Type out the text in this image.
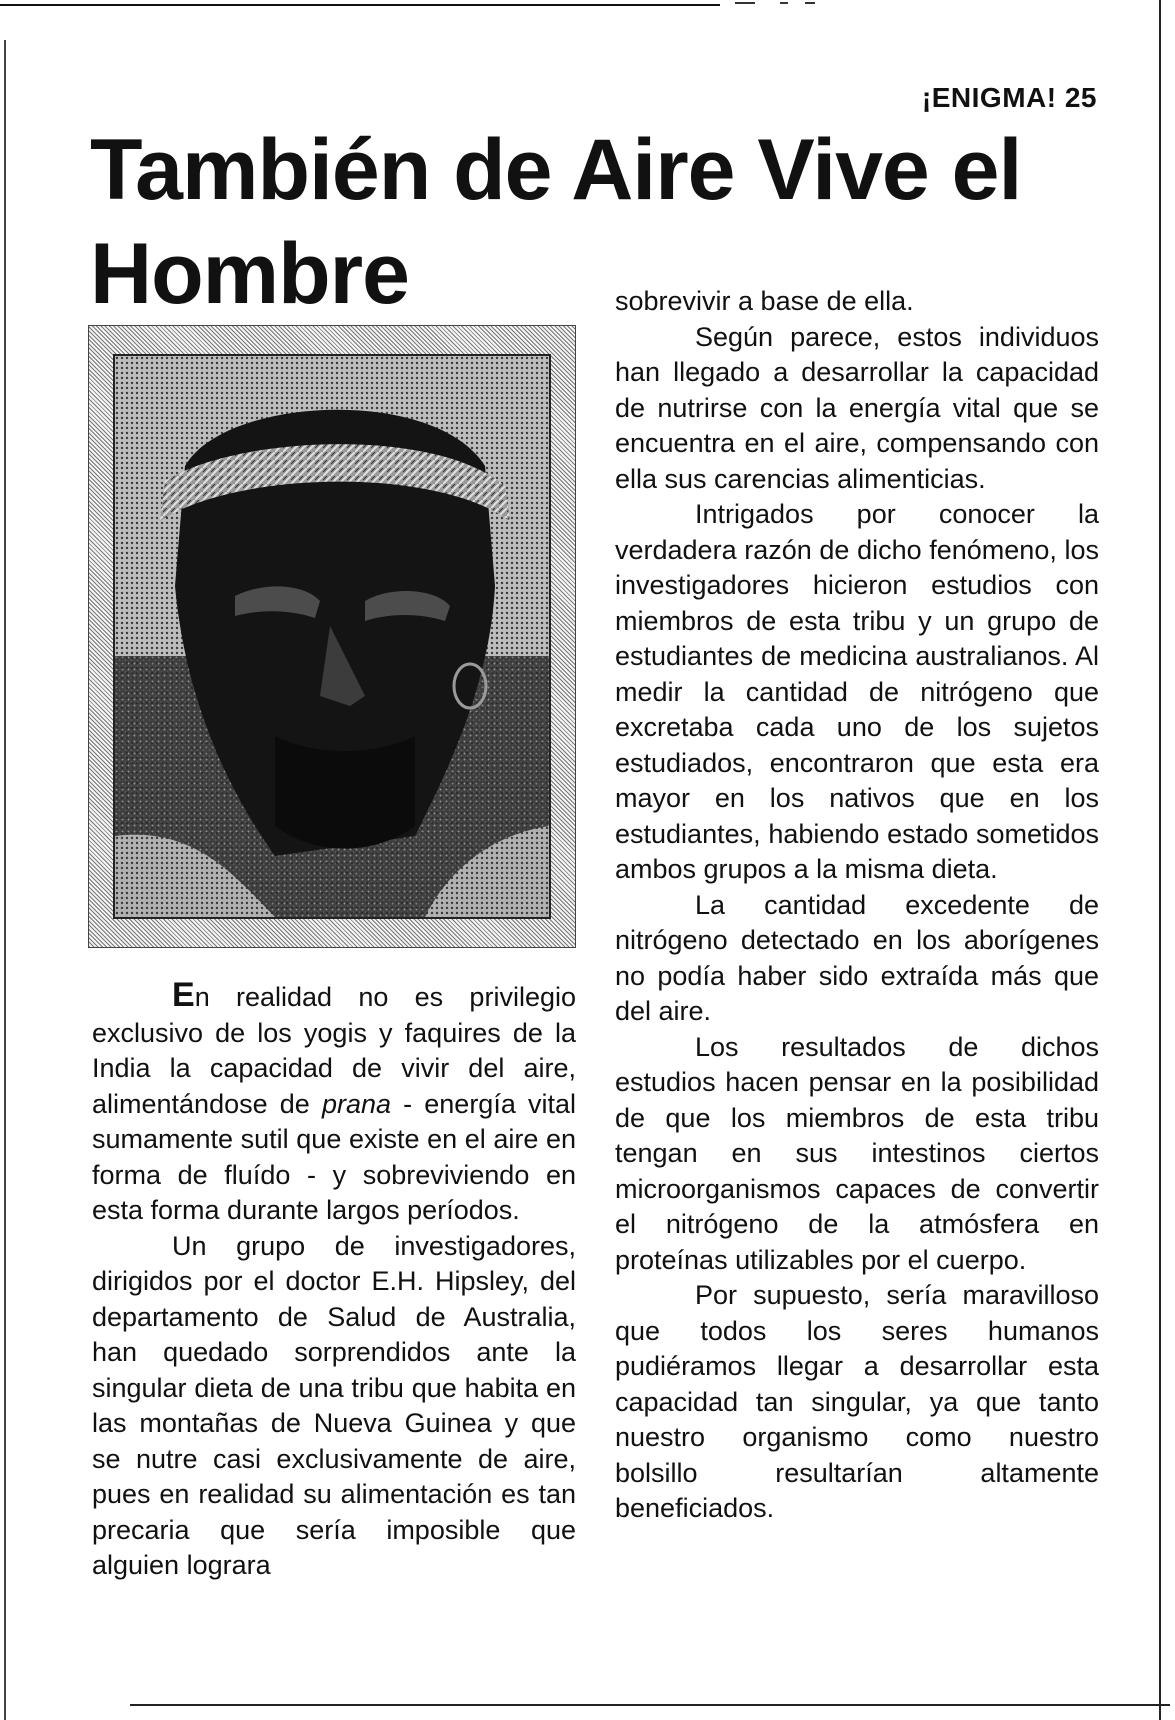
¡ENIGMA! 25
También de Aire Vive el Hombre

En realidad no es privilegio exclusivo de los yogis y faquires de la India la capacidad de vivir del aire, alimentándose de prana - energía vital sumamente sutil que existe en el aire en forma de fluído - y sobreviviendo en esta forma durante largos períodos.

Un grupo de investigadores, dirigidos por el doctor E.H. Hipsley, del departamento de Salud de Australia, han quedado sorprendidos ante la singular dieta de una tribu que habita en las montañas de Nueva Guinea y que se nutre casi exclusivamente de aire, pues en realidad su alimentación es tan precaria que sería imposible que alguien lograra

sobrevivir a base de ella.

Según parece, estos individuos han llegado a desarrollar la capacidad de nutrirse con la energía vital que se encuentra en el aire, compensando con ella sus carencias alimenticias.

Intrigados por conocer la verdadera razón de dicho fenómeno, los investigadores hicieron estudios con miembros de esta tribu y un grupo de estudiantes de medicina australianos. Al medir la cantidad de nitrógeno que excretaba cada uno de los sujetos estudiados, encontraron que esta era mayor en los nativos que en los estudiantes, habiendo estado sometidos ambos grupos a la misma dieta.

La cantidad excedente de nitrógeno detectado en los aborígenes no podía haber sido extraída más que del aire.

Los resultados de dichos estudios hacen pensar en la posibilidad de que los miembros de esta tribu tengan en sus intestinos ciertos microorganismos capaces de convertir el nitrógeno de la atmósfera en proteínas utilizables por el cuerpo.

Por supuesto, sería maravilloso que todos los seres humanos pudiéramos llegar a desarrollar esta capacidad tan singular, ya que tanto nuestro organismo como nuestro bolsillo resultarían altamente beneficiados.
